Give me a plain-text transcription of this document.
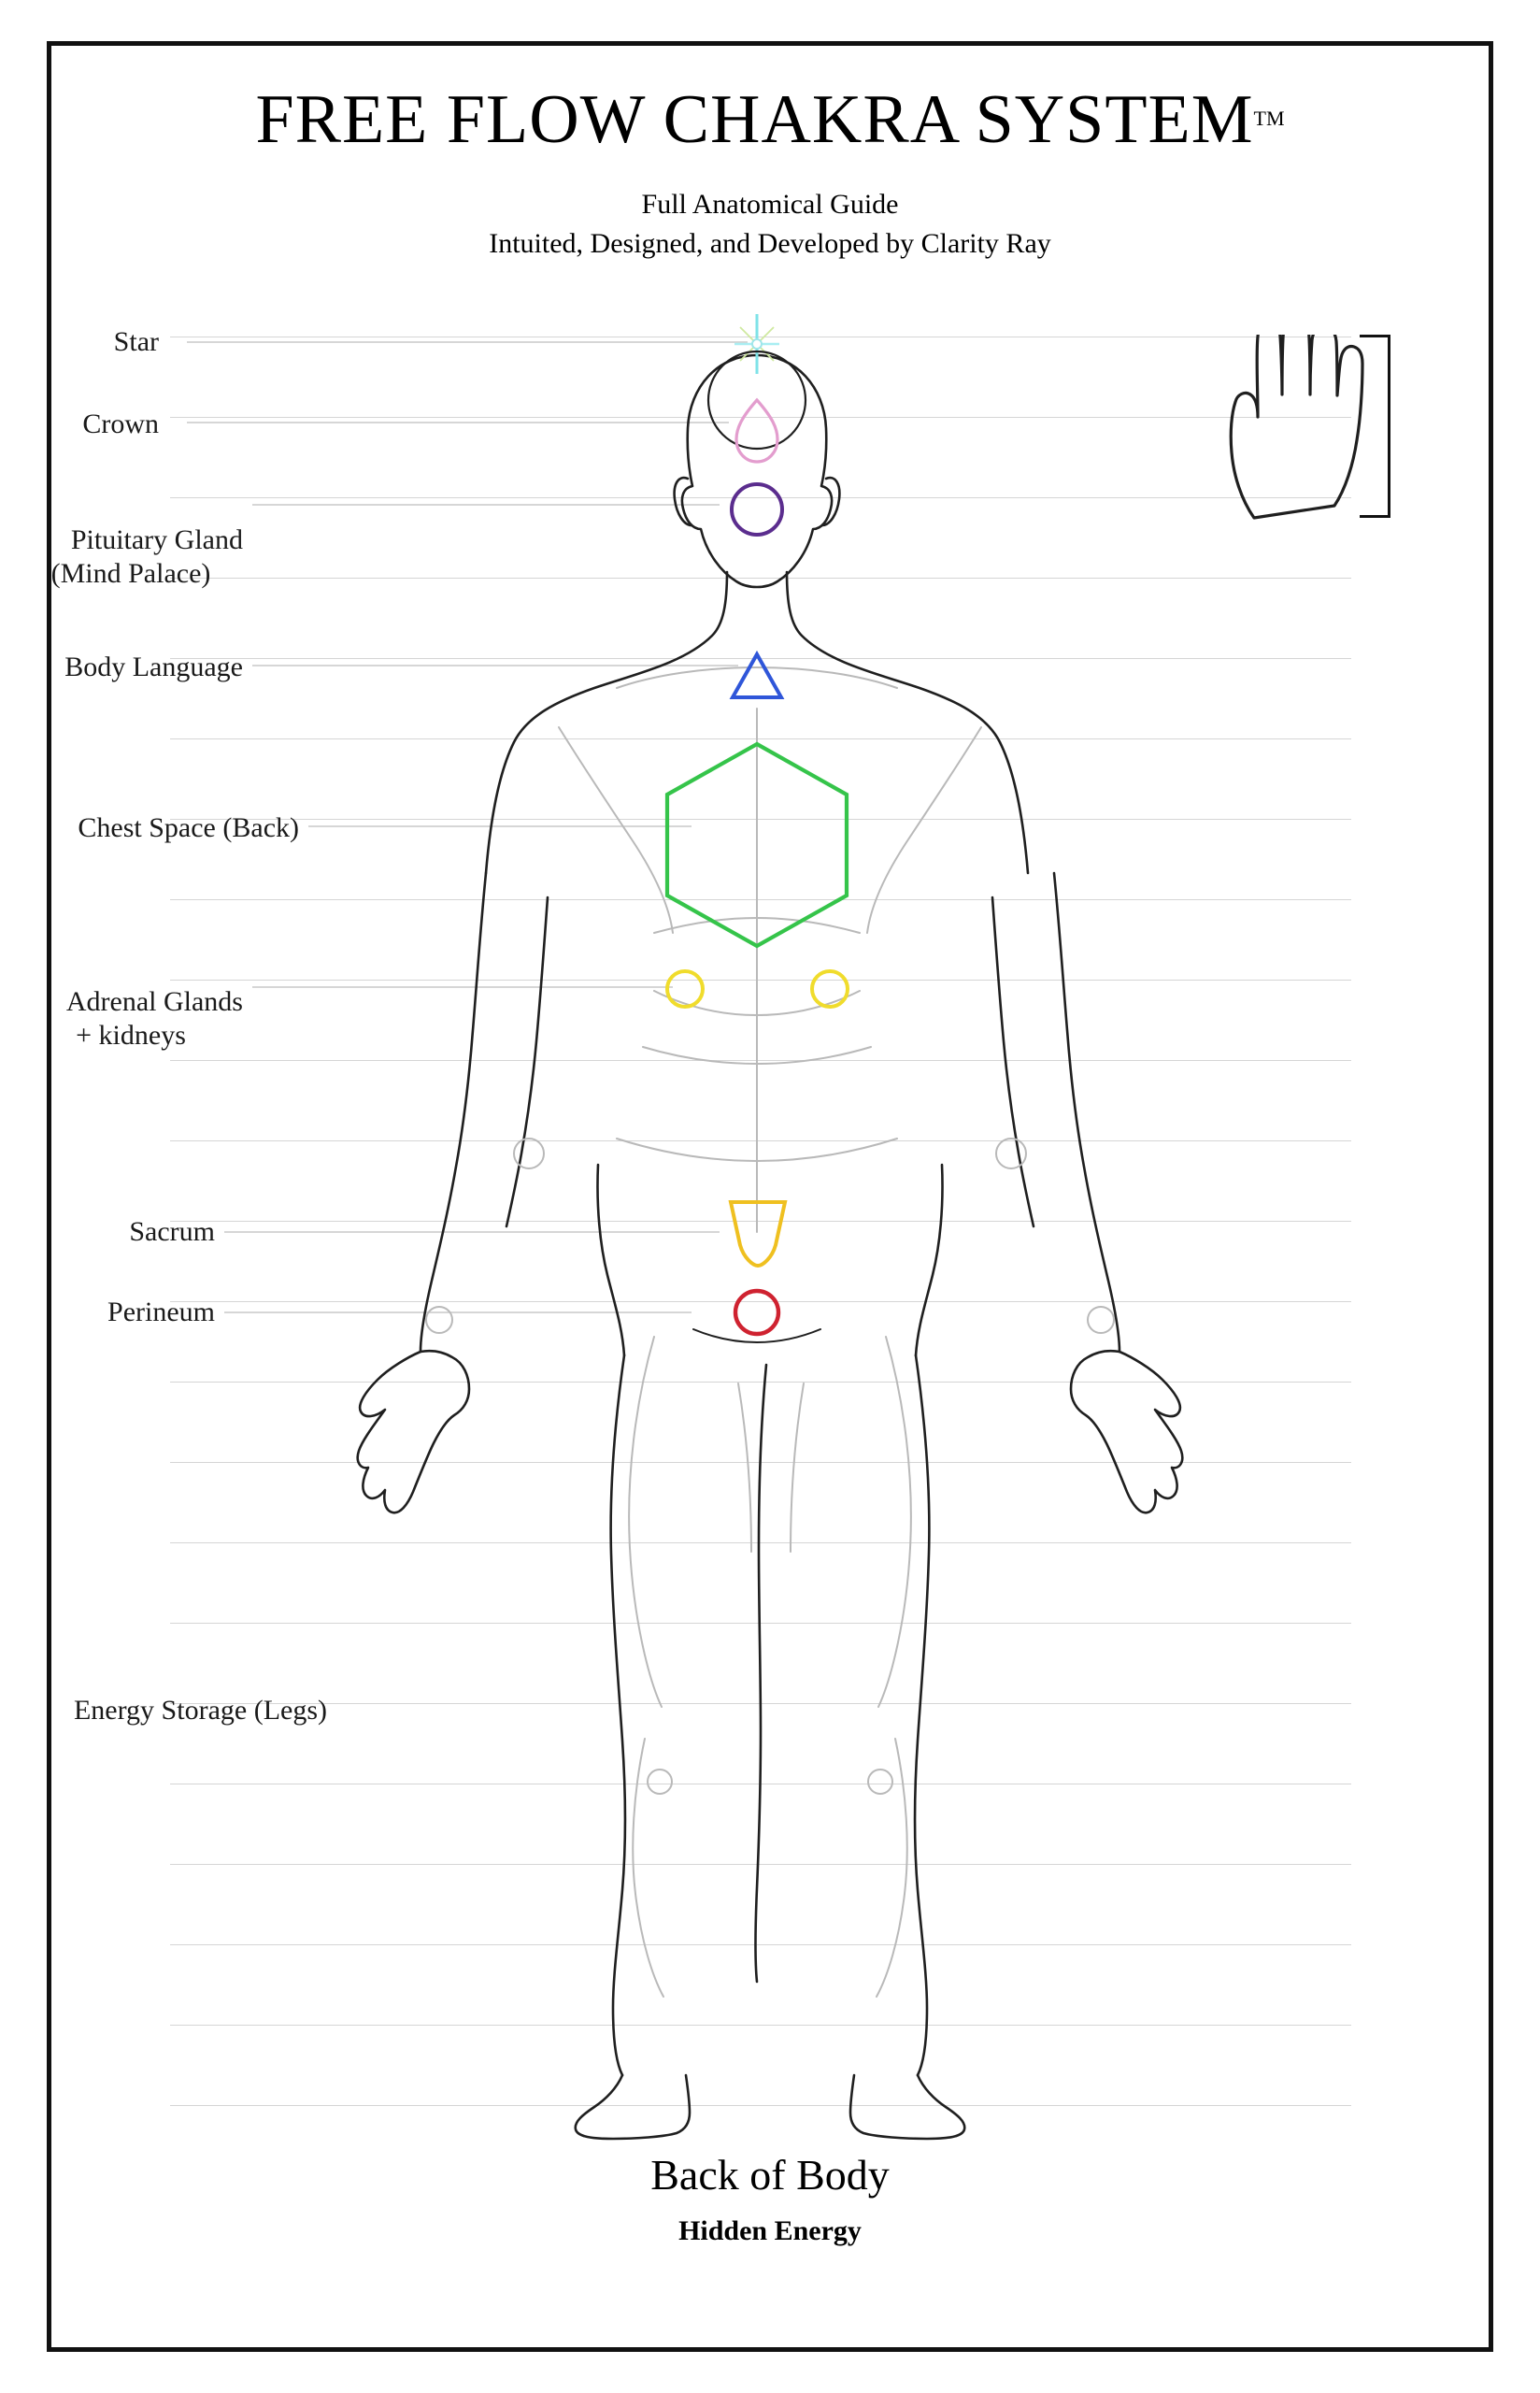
FREE FLOW CHAKRA SYSTEM™
Full Anatomical Guide
Intuited, Designed, and Developed by Clarity Ray
Star
Crown

Pituitary Gland

(Mind Palace)

Body Language
Chest Space (Back)

Adrenal Glands

+ kidneys

Sacrum
Perineum
Energy Storage (Legs)
Back of Body
Hidden Energy
